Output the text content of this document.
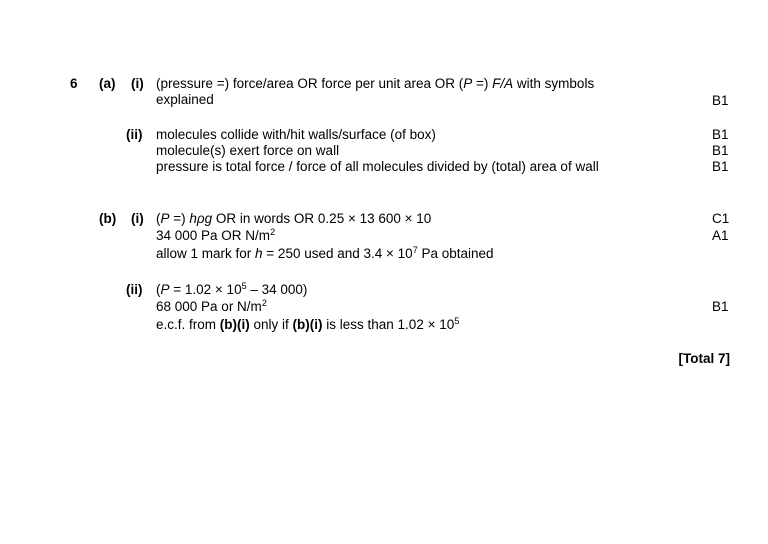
6 (a) (i) (pressure =) force/area OR force per unit area OR (P =) F/A with symbols
explained	B1
(ii) molecules collide with/hit walls/surface (of box)
molecule(s) exert force on wall
pressure is total force / force of all molecules divided by (total) area of wall
B1
B1
B1
(b) (i) (P =) hρg OR in words OR 0.25 × 13 600 × 10
34 000 Pa OR $N/m^2$
allow 1 mark for h = 250 used and $3.4 \times 10^7$ Pa obtained
C1
A1
(ii) ($P = 1.02 \times 10^5 - 34$ 000)
68 000 Pa or $N/m^2$
e.c.f. from (b)(i) only if (b)(i) is less than $1.02 \times 10^5$
B1
[Total 7]
